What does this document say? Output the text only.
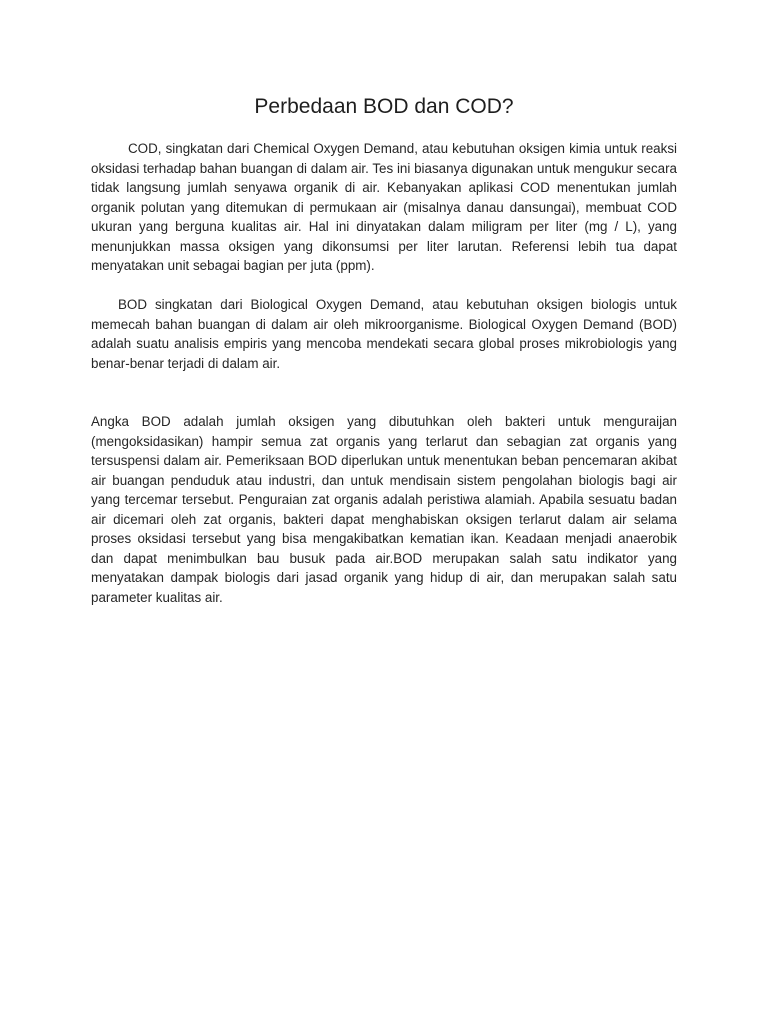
Perbedaan BOD dan COD?

COD, singkatan dari Chemical Oxygen Demand, atau kebutuhan oksigen kimia untuk reaksi oksidasi terhadap bahan buangan di dalam air. Tes ini biasanya digunakan untuk mengukur secara tidak langsung jumlah senyawa organik di air. Kebanyakan aplikasi COD menentukan jumlah organik polutan yang ditemukan di permukaan air (misalnya danau dansungai), membuat COD ukuran yang berguna kualitas air. Hal ini dinyatakan dalam miligram per liter (mg / L), yang menunjukkan massa oksigen yang dikonsumsi per liter larutan. Referensi lebih tua dapat menyatakan unit sebagai bagian per juta (ppm).

BOD singkatan dari Biological Oxygen Demand, atau kebutuhan oksigen biologis untuk memecah bahan buangan di dalam air oleh mikroorganisme. Biological Oxygen Demand (BOD) adalah suatu analisis empiris yang mencoba mendekati secara global proses mikrobiologis yang benar-benar terjadi di dalam air.

Angka BOD adalah jumlah oksigen yang dibutuhkan oleh bakteri untuk menguraijan (mengoksidasikan) hampir semua zat organis yang terlarut dan sebagian zat organis yang tersuspensi dalam air. Pemeriksaan BOD diperlukan untuk menentukan beban pencemaran akibat air buangan penduduk atau industri, dan untuk mendisain sistem pengolahan biologis bagi air yang tercemar tersebut. Penguraian zat organis adalah peristiwa alamiah. Apabila sesuatu badan air dicemari oleh zat organis, bakteri dapat menghabiskan oksigen terlarut dalam air selama proses oksidasi tersebut yang bisa mengakibatkan kematian ikan. Keadaan menjadi anaerobik dan dapat menimbulkan bau busuk pada air.BOD merupakan salah satu indikator yang menyatakan dampak biologis dari jasad organik yang hidup di air, dan merupakan salah satu parameter kualitas air.
